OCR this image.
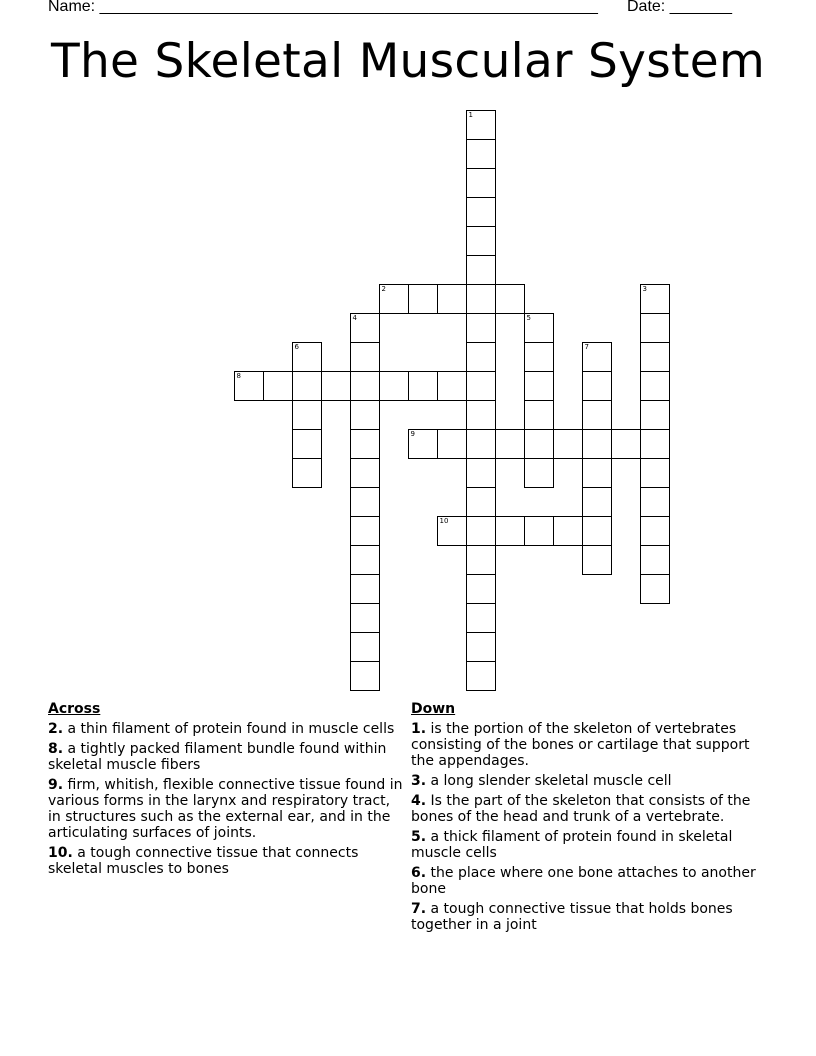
Name: ________________________________________________________ Date: _______
The Skeletal Muscular System
1
2	3
4	5
6	7
8
9
10
Across
2. a thin filament of protein found in muscle cells
8. a tightly packed filament bundle found within skeletal muscle fibers
9. firm, whitish, flexible connective tissue found in various forms in the larynx and respiratory tract, in structures such as the external ear, and in the articulating surfaces of joints.
10. a tough connective tissue that connects skeletal muscles to bones
Down
1. is the portion of the skeleton of vertebrates consisting of the bones or cartilage that support the appendages.
3. a long slender skeletal muscle cell
4. Is the part of the skeleton that consists of the bones of the head and trunk of a vertebrate.
5. a thick filament of protein found in skeletal muscle cells
6. the place where one bone attaches to another bone
7. a tough connective tissue that holds bones together in a joint
